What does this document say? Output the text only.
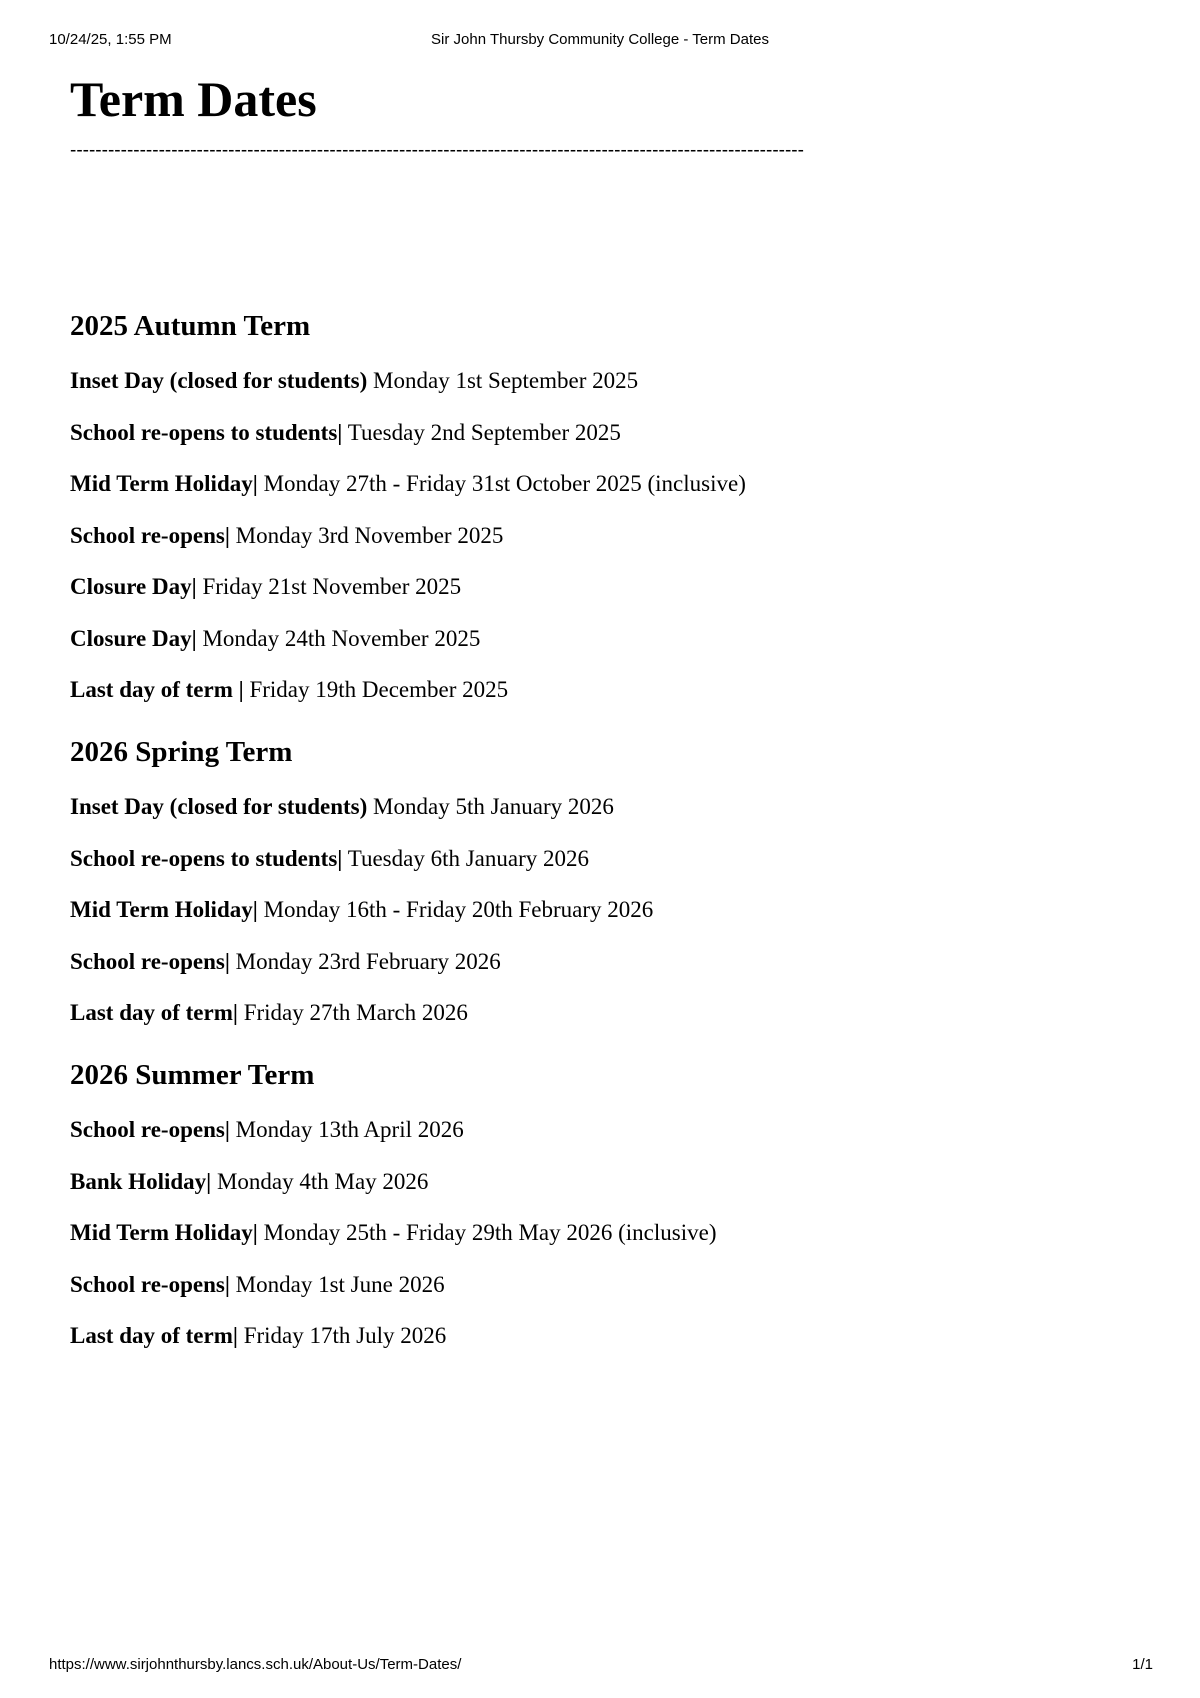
10/24/25, 1:55 PM	Sir John Thursby Community College - Term Dates
Term Dates
--------------------------------------------------------------------------------------------------------------------
2025 Autumn Term

Inset Day (closed for students) Monday 1st September 2025

School re-opens to students| Tuesday 2nd September 2025

Mid Term Holiday| Monday 27th - Friday 31st October 2025 (inclusive)

School re-opens| Monday 3rd November 2025

Closure Day| Friday 21st November 2025

Closure Day| Monday 24th November 2025

Last day of term | Friday 19th December 2025

2026 Spring Term

Inset Day (closed for students) Monday 5th January 2026

School re-opens to students| Tuesday 6th January 2026

Mid Term Holiday| Monday 16th - Friday 20th February 2026

School re-opens| Monday 23rd February 2026

Last day of term| Friday 27th March 2026

2026 Summer Term

School re-opens| Monday 13th April 2026

Bank Holiday| Monday 4th May 2026

Mid Term Holiday| Monday 25th - Friday 29th May 2026 (inclusive)

School re-opens| Monday 1st June 2026

Last day of term| Friday 17th July 2026

https://www.sirjohnthursby.lancs.sch.uk/About-Us/Term-Dates/	1/1
